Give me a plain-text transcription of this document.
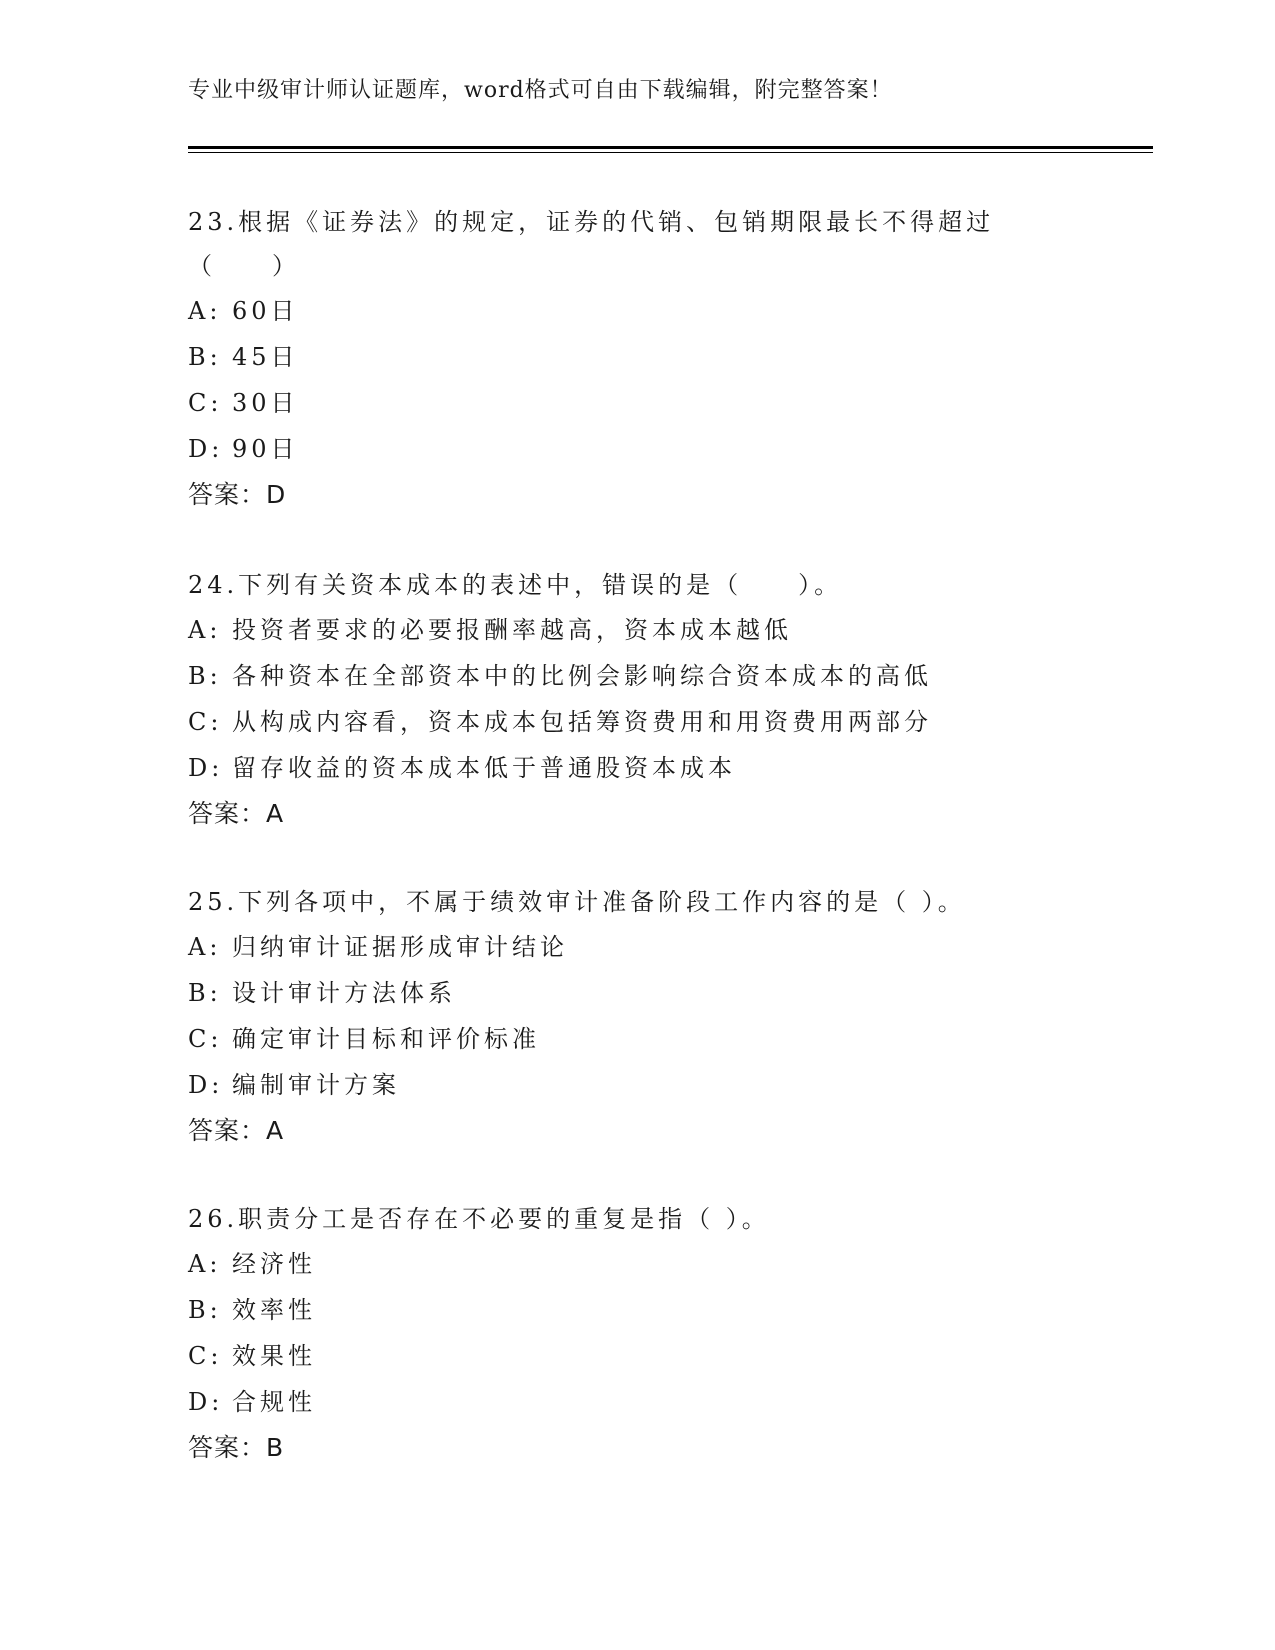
专业中级审计师认证题库，word格式可自由下载编辑，附完整答案！

23.根据《证券法》的规定，证券的代销、包销期限最长不得超过（　　）

A: 60日
B: 45日
C: 30日
D: 90日
答案：D

24.下列有关资本成本的表述中，错误的是（　　）。

A: 投资者要求的必要报酬率越高，资本成本越低
B: 各种资本在全部资本中的比例会影响综合资本成本的高低
C: 从构成内容看，资本成本包括筹资费用和用资费用两部分
D: 留存收益的资本成本低于普通股资本成本
答案：A

25.下列各项中，不属于绩效审计准备阶段工作内容的是（ ）。

A: 归纳审计证据形成审计结论
B: 设计审计方法体系
C: 确定审计目标和评价标准
D: 编制审计方案
答案：A

26.职责分工是否存在不必要的重复是指（ ）。

A: 经济性
B: 效率性
C: 效果性
D: 合规性
答案：B
